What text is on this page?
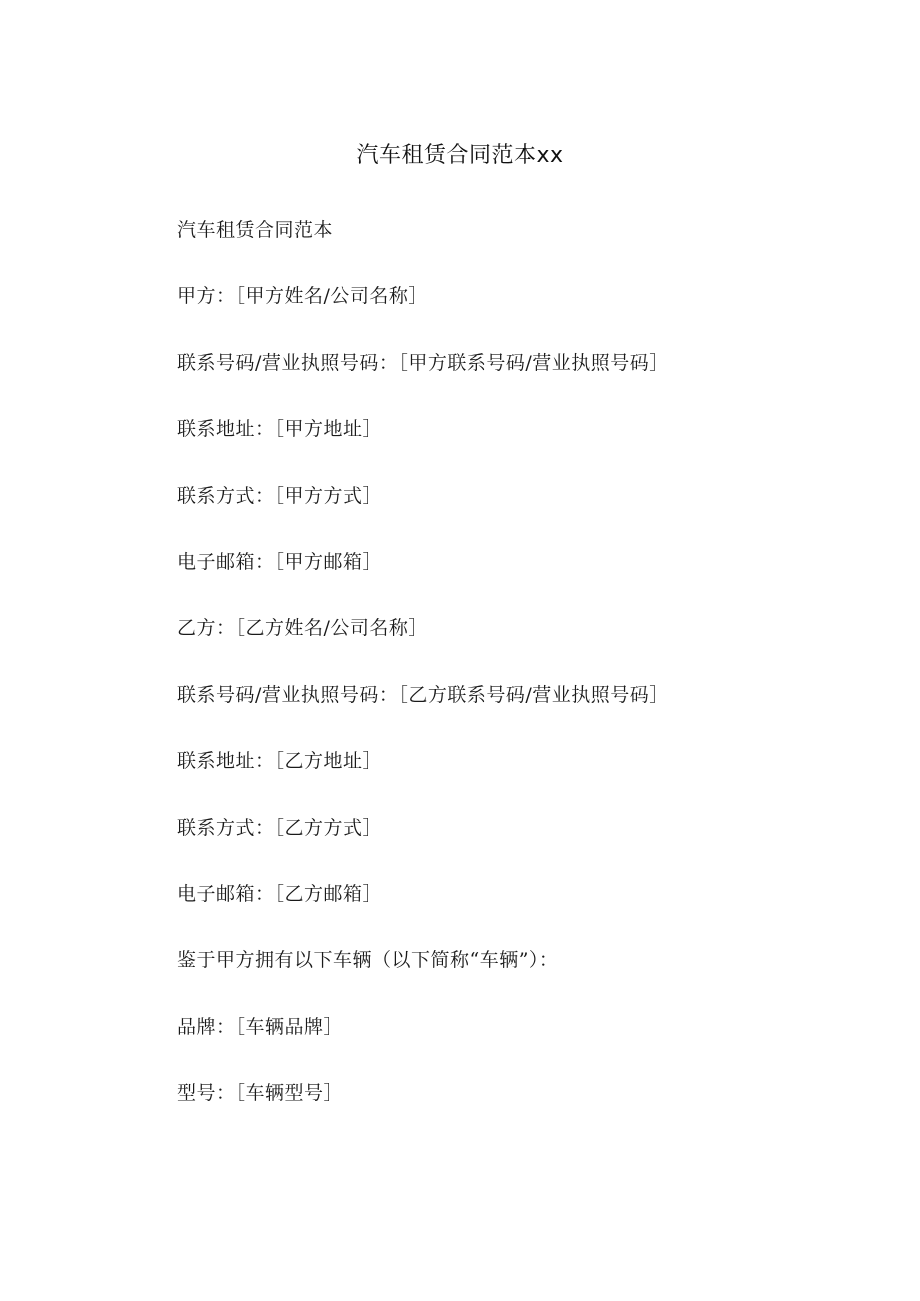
汽车租赁合同范本xx
汽车租赁合同范本
甲方：［甲方姓名/公司名称］
联系号码/营业执照号码：［甲方联系号码/营业执照号码］
联系地址：［甲方地址］
联系方式：［甲方方式］
电子邮箱：［甲方邮箱］
乙方：［乙方姓名/公司名称］
联系号码/营业执照号码：［乙方联系号码/营业执照号码］
联系地址：［乙方地址］
联系方式：［乙方方式］
电子邮箱：［乙方邮箱］
鉴于甲方拥有以下车辆（以下简称“车辆”）：
品牌：［车辆品牌］
型号：［车辆型号］
